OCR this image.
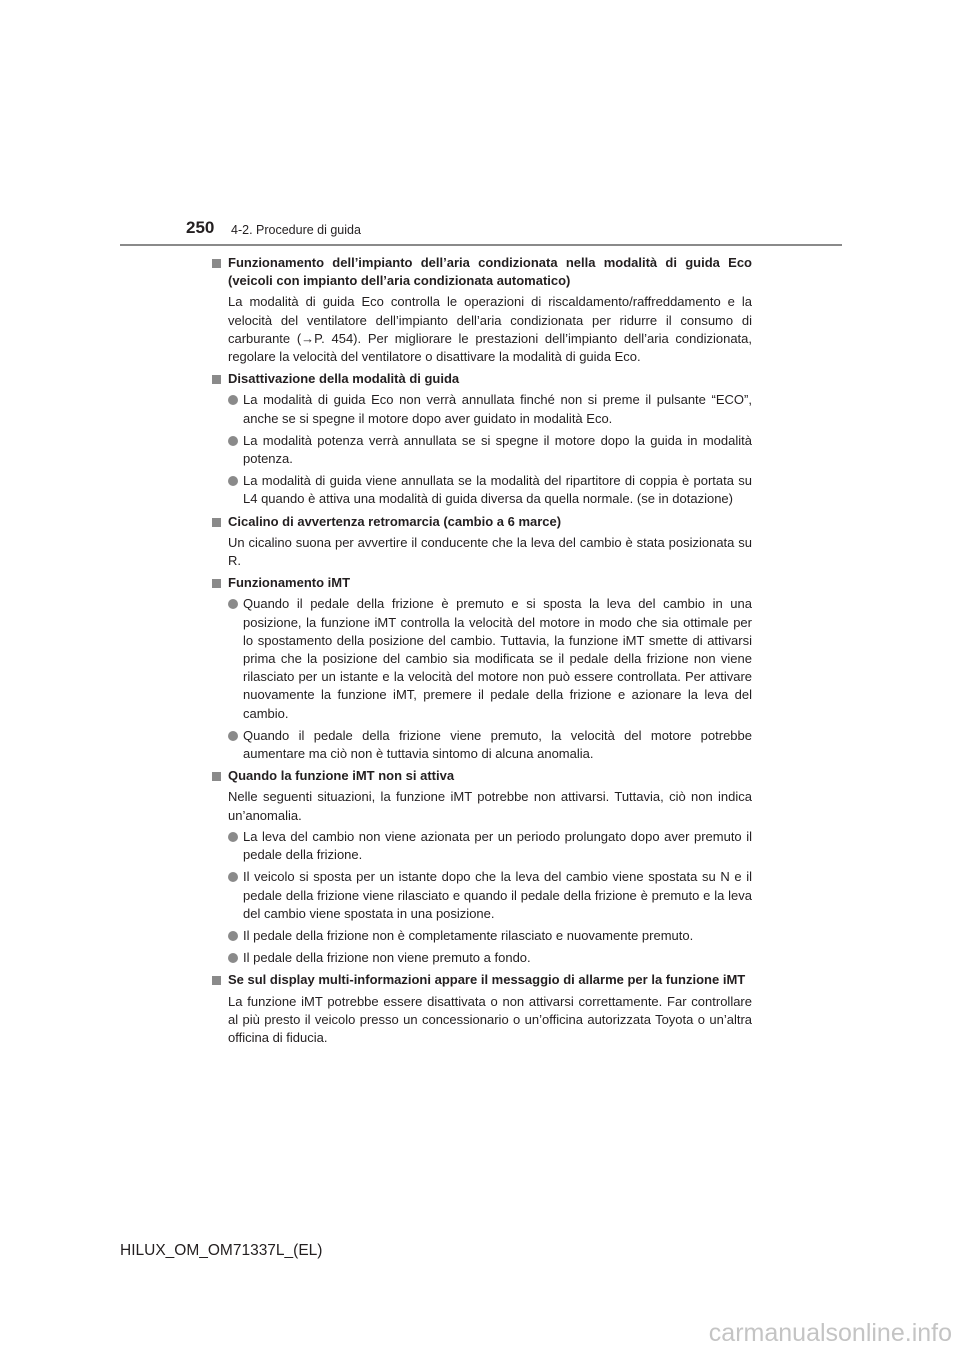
250 4-2. Procedure di guida
Funzionamento dell’impianto dell’aria condizionata nella modalità di guida Eco (veicoli con impianto dell’aria condizionata automatico)
La modalità di guida Eco controlla le operazioni di riscaldamento/raffreddamento e la velocità del ventilatore dell’impianto dell’aria condizionata per ridurre il consumo di carburante (→P. 454). Per migliorare le prestazioni dell’impianto dell’aria condizionata, regolare la velocità del ventilatore o disattivare la modalità di guida Eco.
Disattivazione della modalità di guida
La modalità di guida Eco non verrà annullata finché non si preme il pulsante “ECO”, anche se si spegne il motore dopo aver guidato in modalità Eco.
La modalità potenza verrà annullata se si spegne il motore dopo la guida in modalità potenza.
La modalità di guida viene annullata se la modalità del ripartitore di coppia è portata su L4 quando è attiva una modalità di guida diversa da quella normale. (se in dotazione)
Cicalino di avvertenza retromarcia (cambio a 6 marce)
Un cicalino suona per avvertire il conducente che la leva del cambio è stata posizionata su R.
Funzionamento iMT
Quando il pedale della frizione è premuto e si sposta la leva del cambio in una posizione, la funzione iMT controlla la velocità del motore in modo che sia ottimale per lo spostamento della posizione del cambio. Tuttavia, la funzione iMT smette di attivarsi prima che la posizione del cambio sia modificata se il pedale della frizione non viene rilasciato per un istante e la velocità del motore non può essere controllata. Per attivare nuovamente la funzione iMT, premere il pedale della frizione e azionare la leva del cambio.
Quando il pedale della frizione viene premuto, la velocità del motore potrebbe aumentare ma ciò non è tuttavia sintomo di alcuna anomalia.
Quando la funzione iMT non si attiva
Nelle seguenti situazioni, la funzione iMT potrebbe non attivarsi. Tuttavia, ciò non indica un’anomalia.
La leva del cambio non viene azionata per un periodo prolungato dopo aver premuto il pedale della frizione.
Il veicolo si sposta per un istante dopo che la leva del cambio viene spostata su N e il pedale della frizione viene rilasciato e quando il pedale della frizione è premuto e la leva del cambio viene spostata in una posizione.
Il pedale della frizione non è completamente rilasciato e nuovamente premuto.
Il pedale della frizione non viene premuto a fondo.
Se sul display multi-informazioni appare il messaggio di allarme per la funzione iMT
La funzione iMT potrebbe essere disattivata o non attivarsi correttamente. Far controllare al più presto il veicolo presso un concessionario o un’officina autorizzata Toyota o un’altra officina di fiducia.
HILUX_OM_OM71337L_(EL)
carmanualsonline.info
